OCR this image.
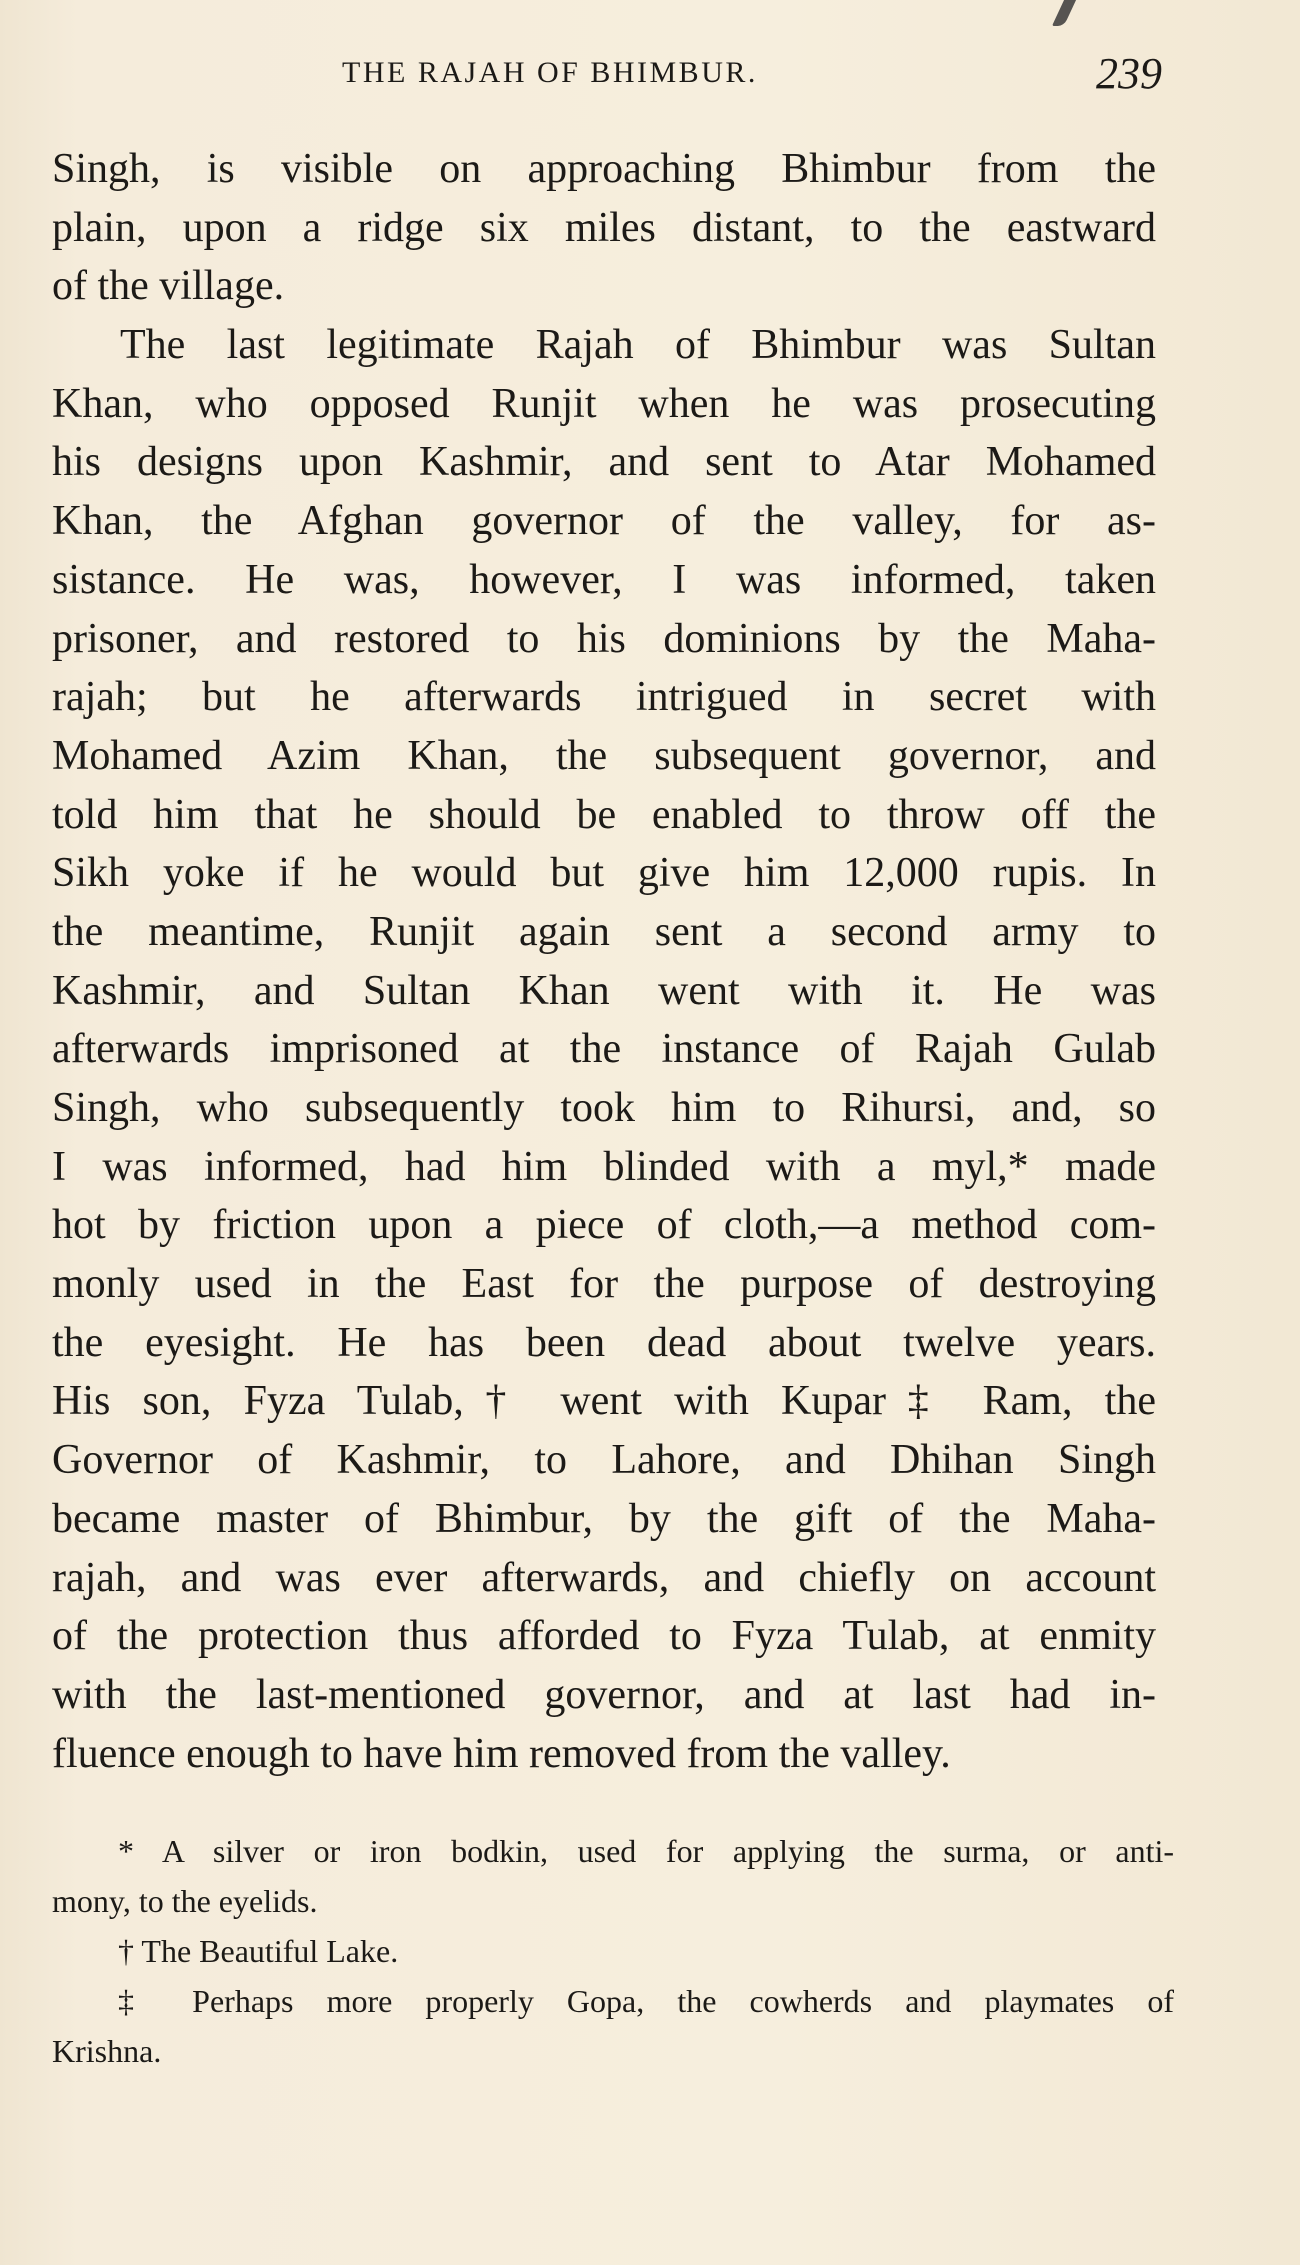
THE RAJAH OF BHIMBUR.	239
Singh, is visible on approaching Bhimbur from the
plain, upon a ridge six miles distant, to the eastward
of the village.
The last legitimate Rajah of Bhimbur was Sultan
Khan, who opposed Runjit when he was prosecuting
his designs upon Kashmir, and sent to Atar Mohamed
Khan, the Afghan governor of the valley, for as-
sistance. He was, however, I was informed, taken
prisoner, and restored to his dominions by the Maha-
rajah; but he afterwards intrigued in secret with
Mohamed Azim Khan, the subsequent governor, and
told him that he should be enabled to throw off the
Sikh yoke if he would but give him 12,000 rupis. In
the meantime, Runjit again sent a second army to
Kashmir, and Sultan Khan went with it. He was
afterwards imprisoned at the instance of Rajah Gulab
Singh, who subsequently took him to Rihursi, and, so
I was informed, had him blinded with a myl,* made
hot by friction upon a piece of cloth,—a method com-
monly used in the East for the purpose of destroying
the eyesight. He has been dead about twelve years.
His son, Fyza Tulab,† went with Kupar‡ Ram, the
Governor of Kashmir, to Lahore, and Dhihan Singh
became master of Bhimbur, by the gift of the Maha-
rajah, and was ever afterwards, and chiefly on account
of the protection thus afforded to Fyza Tulab, at enmity
with the last-mentioned governor, and at last had in-
fluence enough to have him removed from the valley.
* A silver or iron bodkin, used for applying the surma, or anti-
mony, to the eyelids.
† The Beautiful Lake.
‡ Perhaps more properly Gopa, the cowherds and playmates of
Krishna.
